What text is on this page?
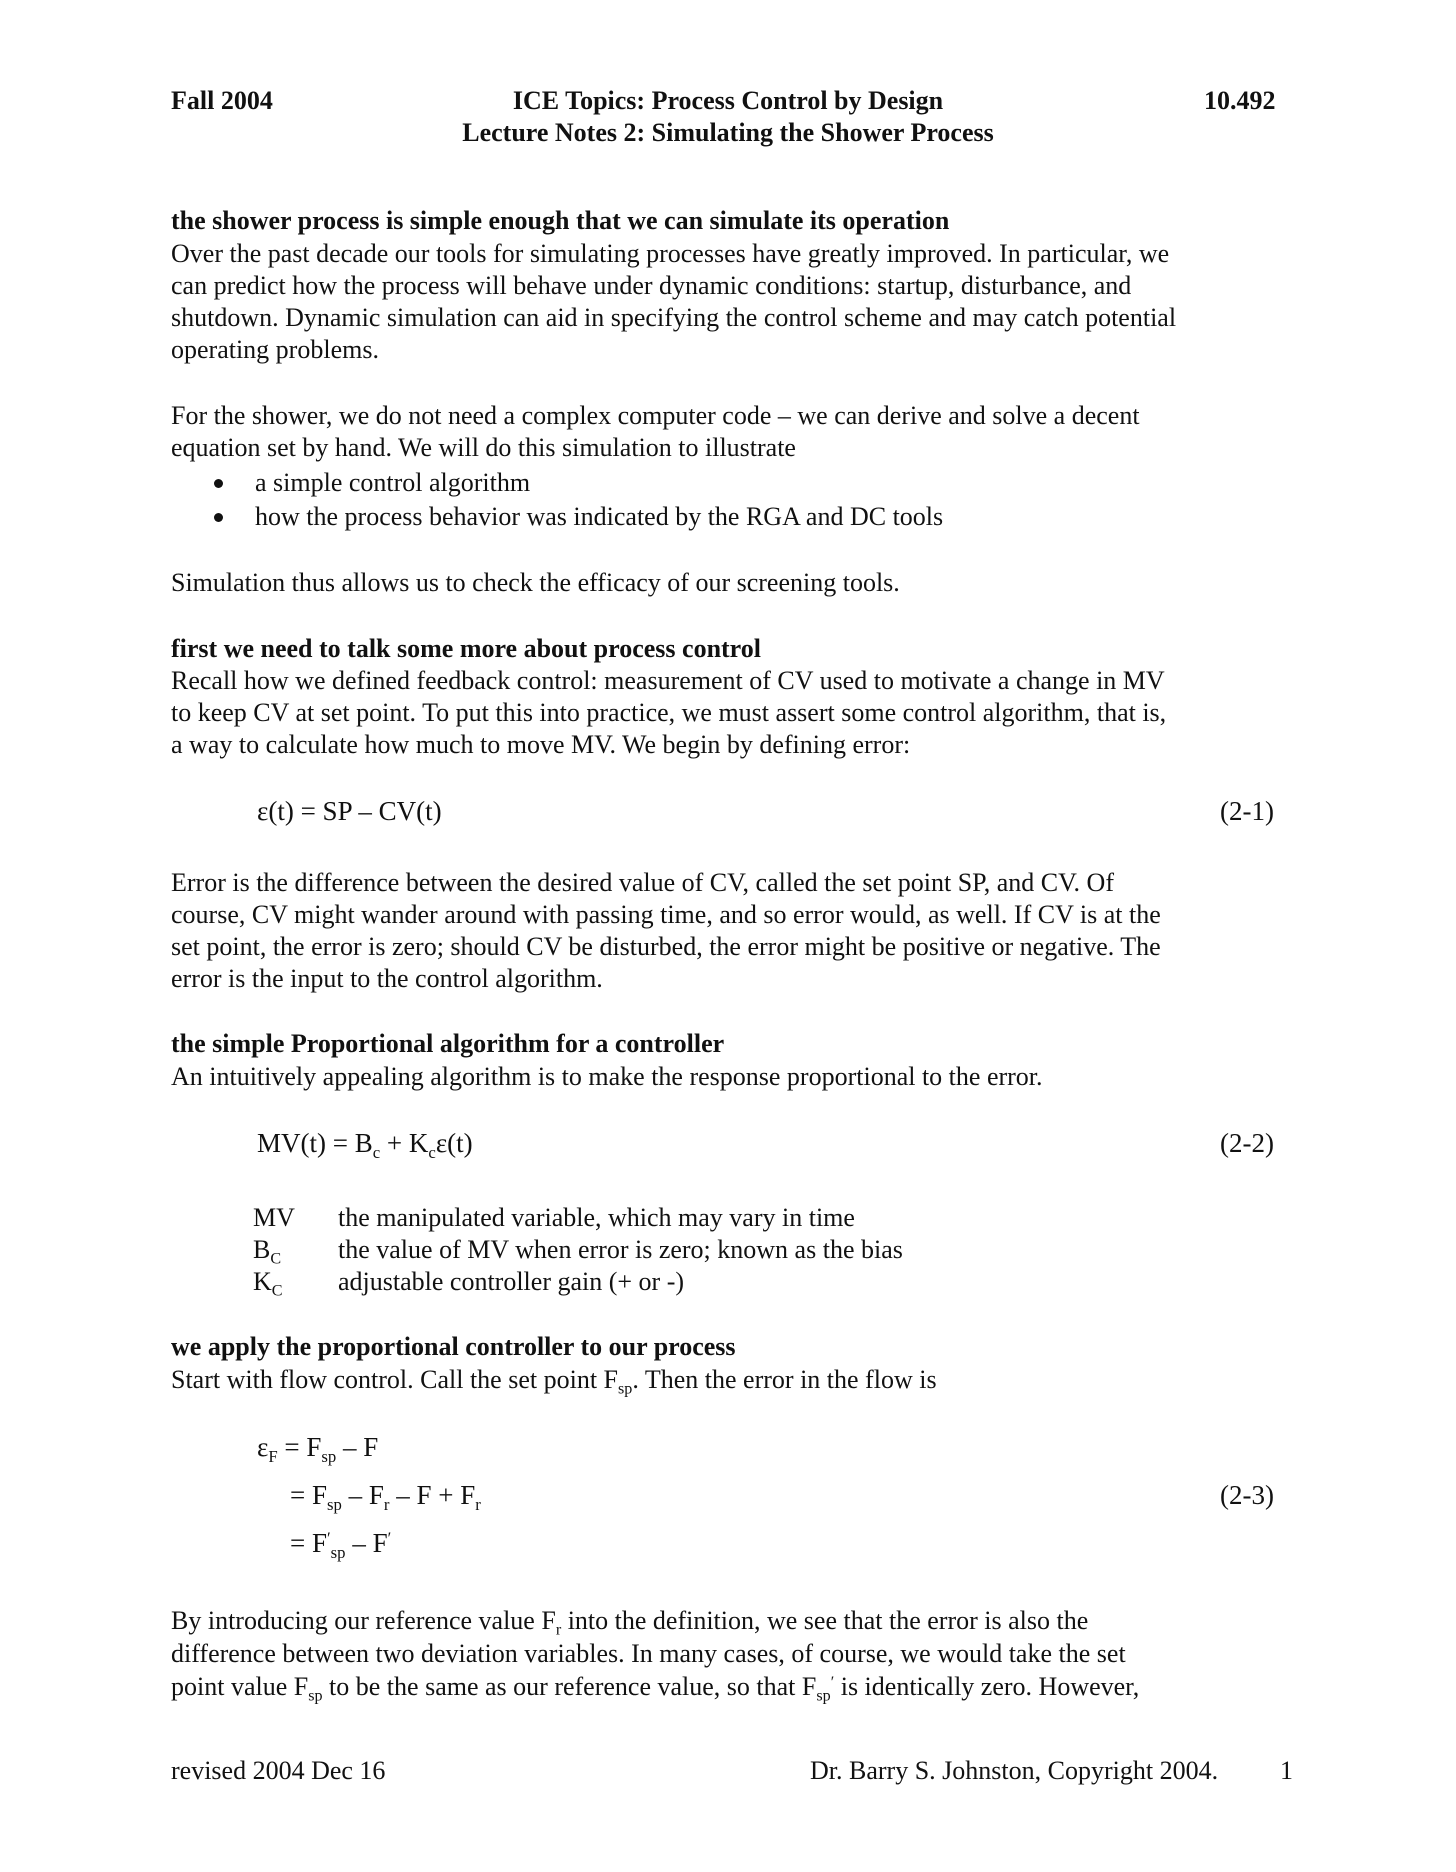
Fall 2004	ICE Topics: Process Control by Design	10.492
Lecture Notes 2: Simulating the Shower Process
the shower process is simple enough that we can simulate its operation
Over the past decade our tools for simulating processes have greatly improved. In particular, we
can predict how the process will behave under dynamic conditions: startup, disturbance, and
shutdown. Dynamic simulation can aid in specifying the control scheme and may catch potential
operating problems.
For the shower, we do not need a complex computer code – we can derive and solve a decent
equation set by hand. We will do this simulation to illustrate
a simple control algorithm
how the process behavior was indicated by the RGA and DC tools
Simulation thus allows us to check the efficacy of our screening tools.
first we need to talk some more about process control
Recall how we defined feedback control: measurement of CV used to motivate a change in MV
to keep CV at set point. To put this into practice, we must assert some control algorithm, that is,
a way to calculate how much to move MV. We begin by defining error:
ε(t) = SP – CV(t)	(2-1)
Error is the difference between the desired value of CV, called the set point SP, and CV. Of
course, CV might wander around with passing time, and so error would, as well. If CV is at the
set point, the error is zero; should CV be disturbed, the error might be positive or negative. The
error is the input to the control algorithm.
the simple Proportional algorithm for a controller
An intuitively appealing algorithm is to make the response proportional to the error.
$MV(t) = B_c + K_c\varepsilon(t)$	(2-2)
MV the manipulated variable, which may vary in time
$B_C$ the value of MV when error is zero; known as the bias
$K_C$ adjustable controller gain (+ or -)
we apply the proportional controller to our process
Start with flow control. Call the set point $F_{sp}$. Then the error in the flow is
$\varepsilon_F = F_{sp} - F$
= $F_{sp} - F_r - F + F_r$	(2-3)
= $F'_{sp} - F'$
By introducing our reference value $F_r$ into the definition, we see that the error is also the
difference between two deviation variables. In many cases, of course, we would take the set
point value $F_{sp}$ to be the same as our reference value, so that $F_{sp}'$ is identically zero. However,
revised 2004 Dec 16	Dr. Barry S. Johnston, Copyright 2004. 1
